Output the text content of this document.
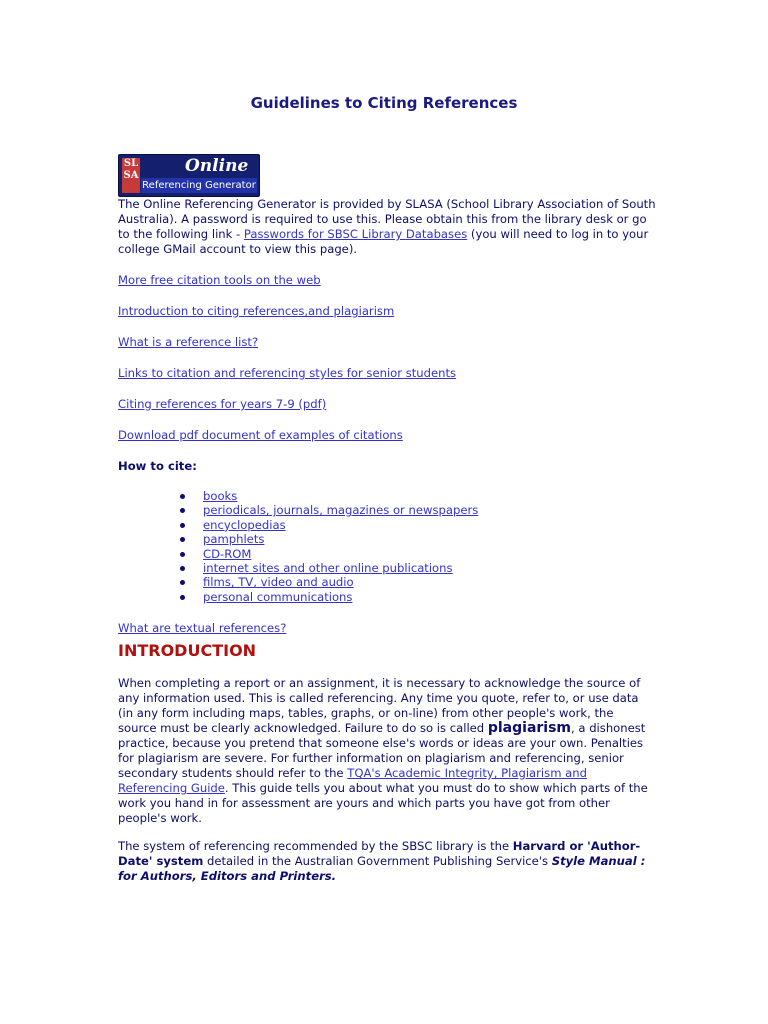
Guidelines to Citing References
SL SA	Online
Referencing Generator

The Online Referencing Generator is provided by SLASA (School Library Association of South Australia). A password is required to use this. Please obtain this from the library desk or go to the following link - Passwords for SBSC Library Databases (you will need to log in to your college GMail account to view this page).

More free citation tools on the web
Introduction to citing references,and plagiarism
What is a reference list?
Links to citation and referencing styles for senior students
Citing references for years 7-9 (pdf)
Download pdf document of examples of citations
How to cite:
books
periodicals, journals, magazines or newspapers
encyclopedias
pamphlets
CD-ROM
internet sites and other online publications
films, TV, video and audio
personal communications
What are textual references?
INTRODUCTION

When completing a report or an assignment, it is necessary to acknowledge the source of any information used. This is called referencing. Any time you quote, refer to, or use data (in any form including maps, tables, graphs, or on-line) from other people's work, the source must be clearly acknowledged. Failure to do so is called plagiarism, a dishonest practice, because you pretend that someone else's words or ideas are your own. Penalties for plagiarism are severe. For further information on plagiarism and referencing, senior secondary students should refer to the TQA's Academic Integrity, Plagiarism and Referencing Guide. This guide tells you about what you must do to show which parts of the work you hand in for assessment are yours and which parts you have got from other people's work.

The system of referencing recommended by the SBSC library is the Harvard or 'Author-Date' system detailed in the Australian Government Publishing Service's Style Manual : for Authors, Editors and Printers.
